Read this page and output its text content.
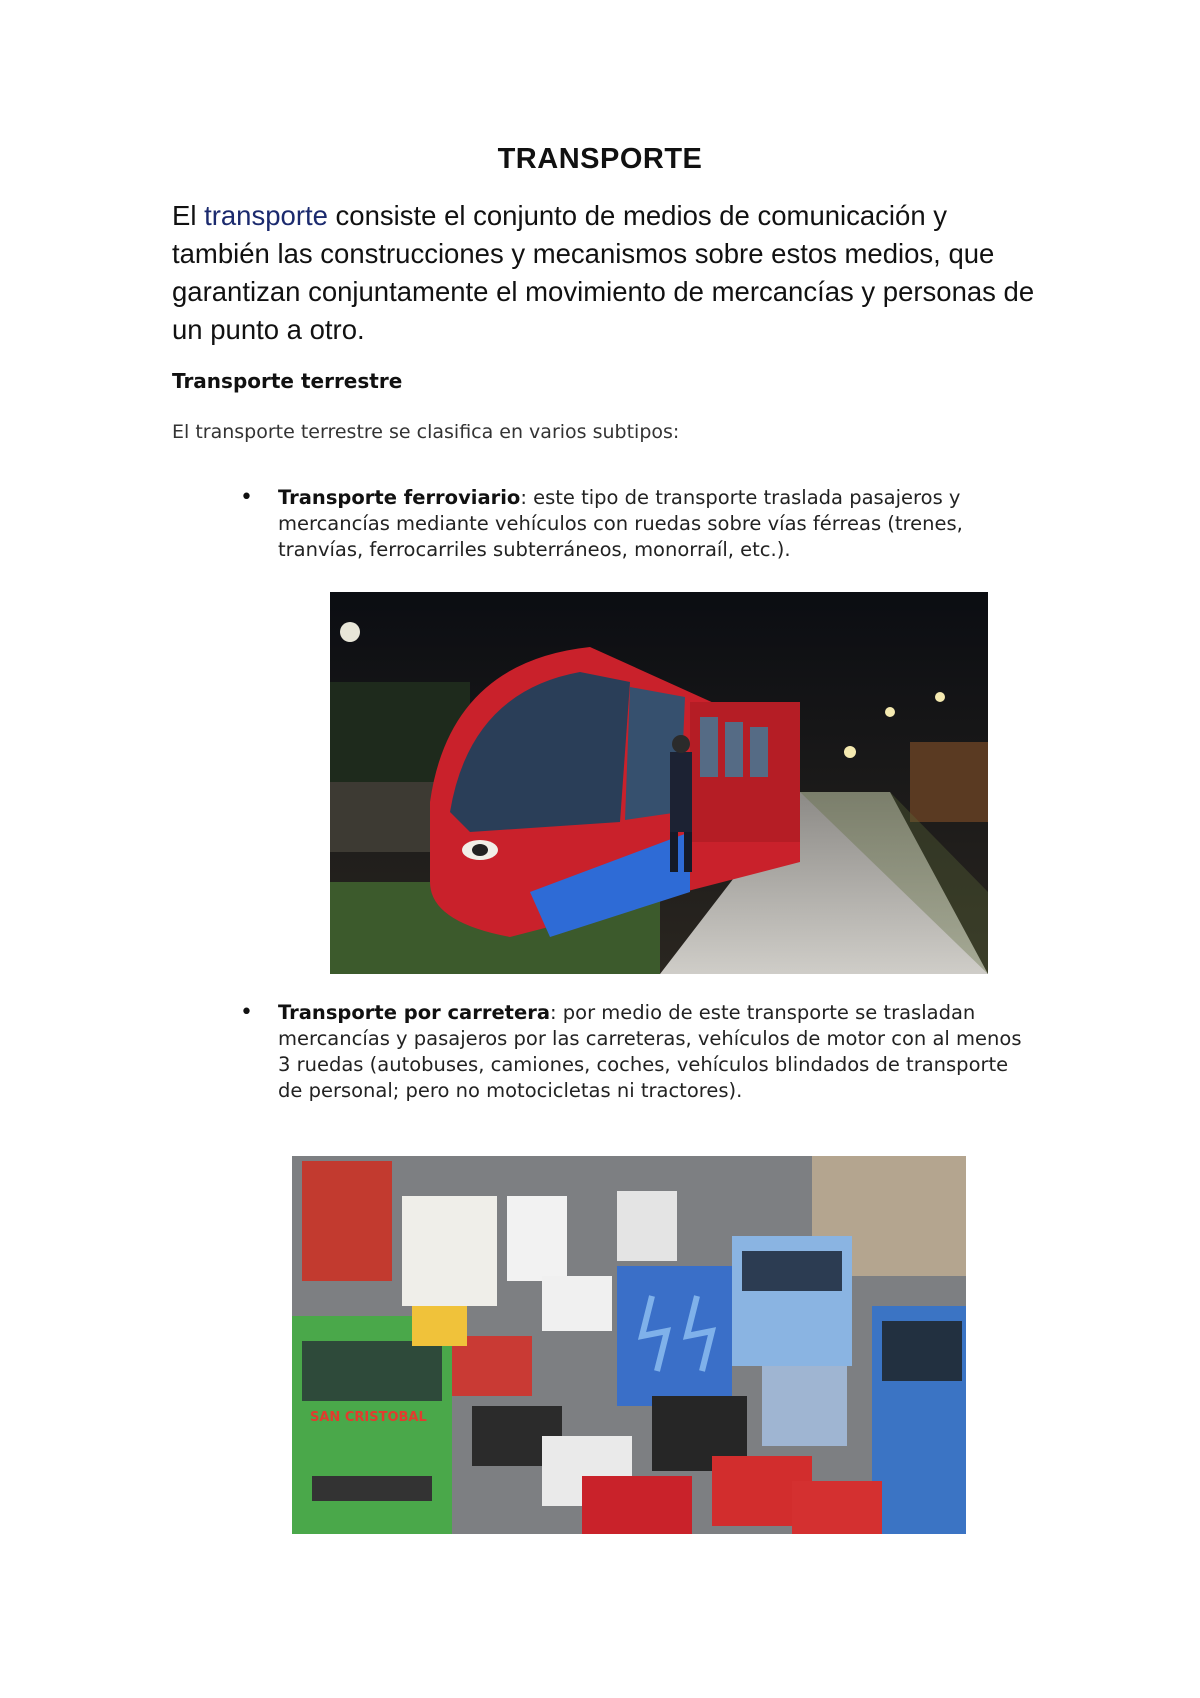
TRANSPORTE

El transporte consiste el conjunto de medios de comunicación y también las construcciones y mecanismos sobre estos medios, que garantizan conjuntamente el movimiento de mercancías y personas de un punto a otro.

Transporte terrestre

El transporte terrestre se clasifica en varios subtipos:

• Transporte ferroviario: este tipo de transporte traslada pasajeros y mercancías mediante vehículos con ruedas sobre vías férreas (trenes, tranvías, ferrocarriles subterráneos, monorraíl, etc.).

• Transporte por carretera: por medio de este transporte se trasladan mercancías y pasajeros por las carreteras, vehículos de motor con al menos 3 ruedas (autobuses, camiones, coches, vehículos blindados de transporte de personal; pero no motocicletas ni tractores).

SAN CRISTOBAL
